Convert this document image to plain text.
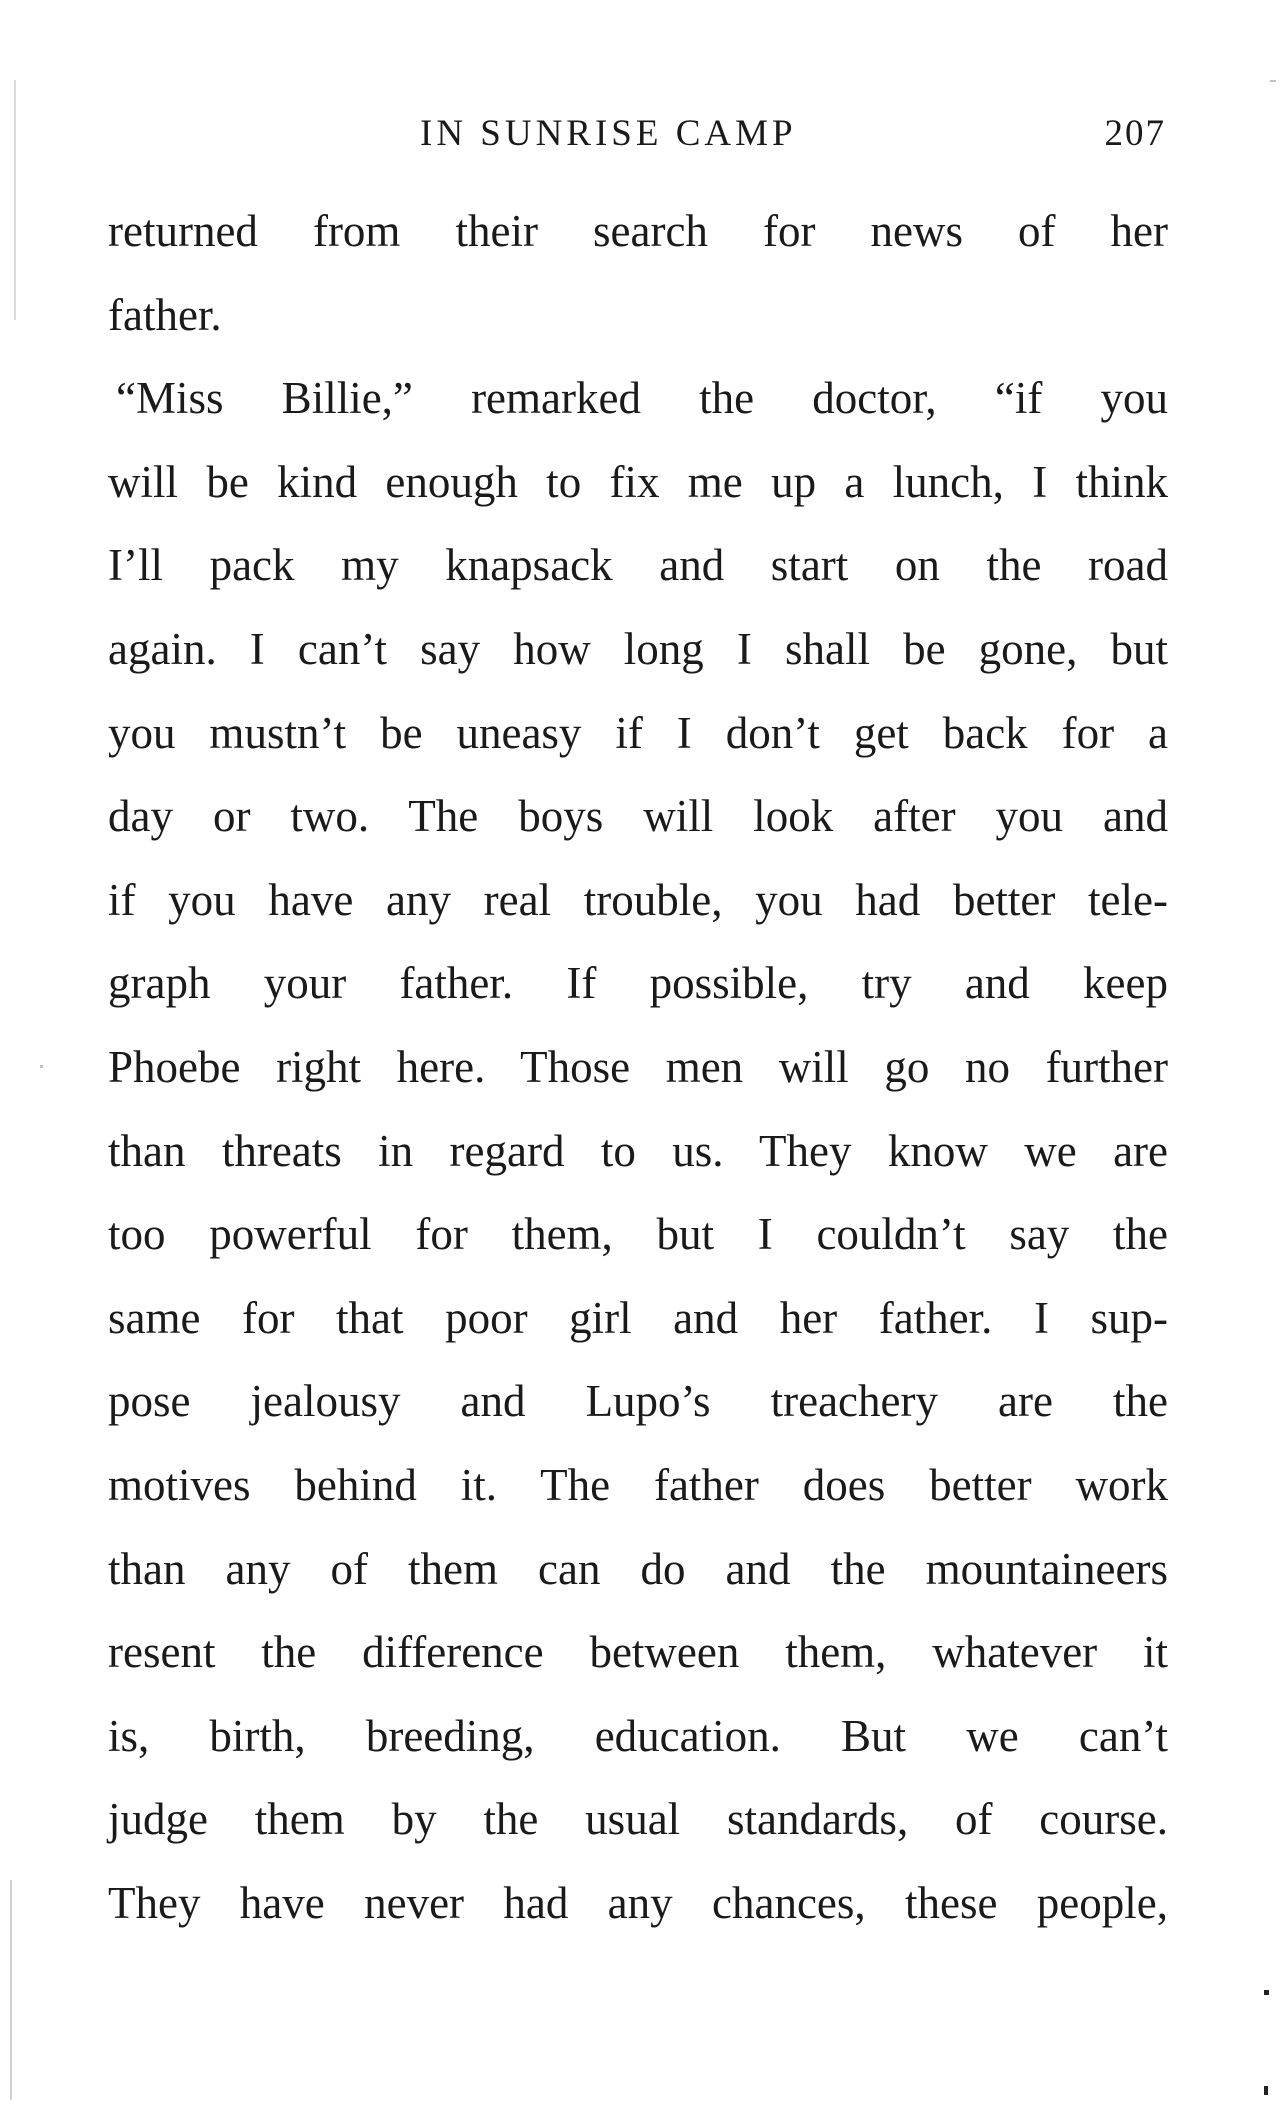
IN SUNRISE CAMP	207
returned from their search for news of her
father.
“Miss Billie,” remarked the doctor, “if you
will be kind enough to fix me up a lunch, I think
I’ll pack my knapsack and start on the road
again. I can’t say how long I shall be gone, but
you mustn’t be uneasy if I don’t get back for a
day or two. The boys will look after you and
if you have any real trouble, you had better tele-
graph your father. If possible, try and keep
Phoebe right here. Those men will go no further
than threats in regard to us. They know we are
too powerful for them, but I couldn’t say the
same for that poor girl and her father. I sup-
pose jealousy and Lupo’s treachery are the
motives behind it. The father does better work
than any of them can do and the mountaineers
resent the difference between them, whatever it
is, birth, breeding, education. But we can’t
judge them by the usual standards, of course.
They have never had any chances, these people,
